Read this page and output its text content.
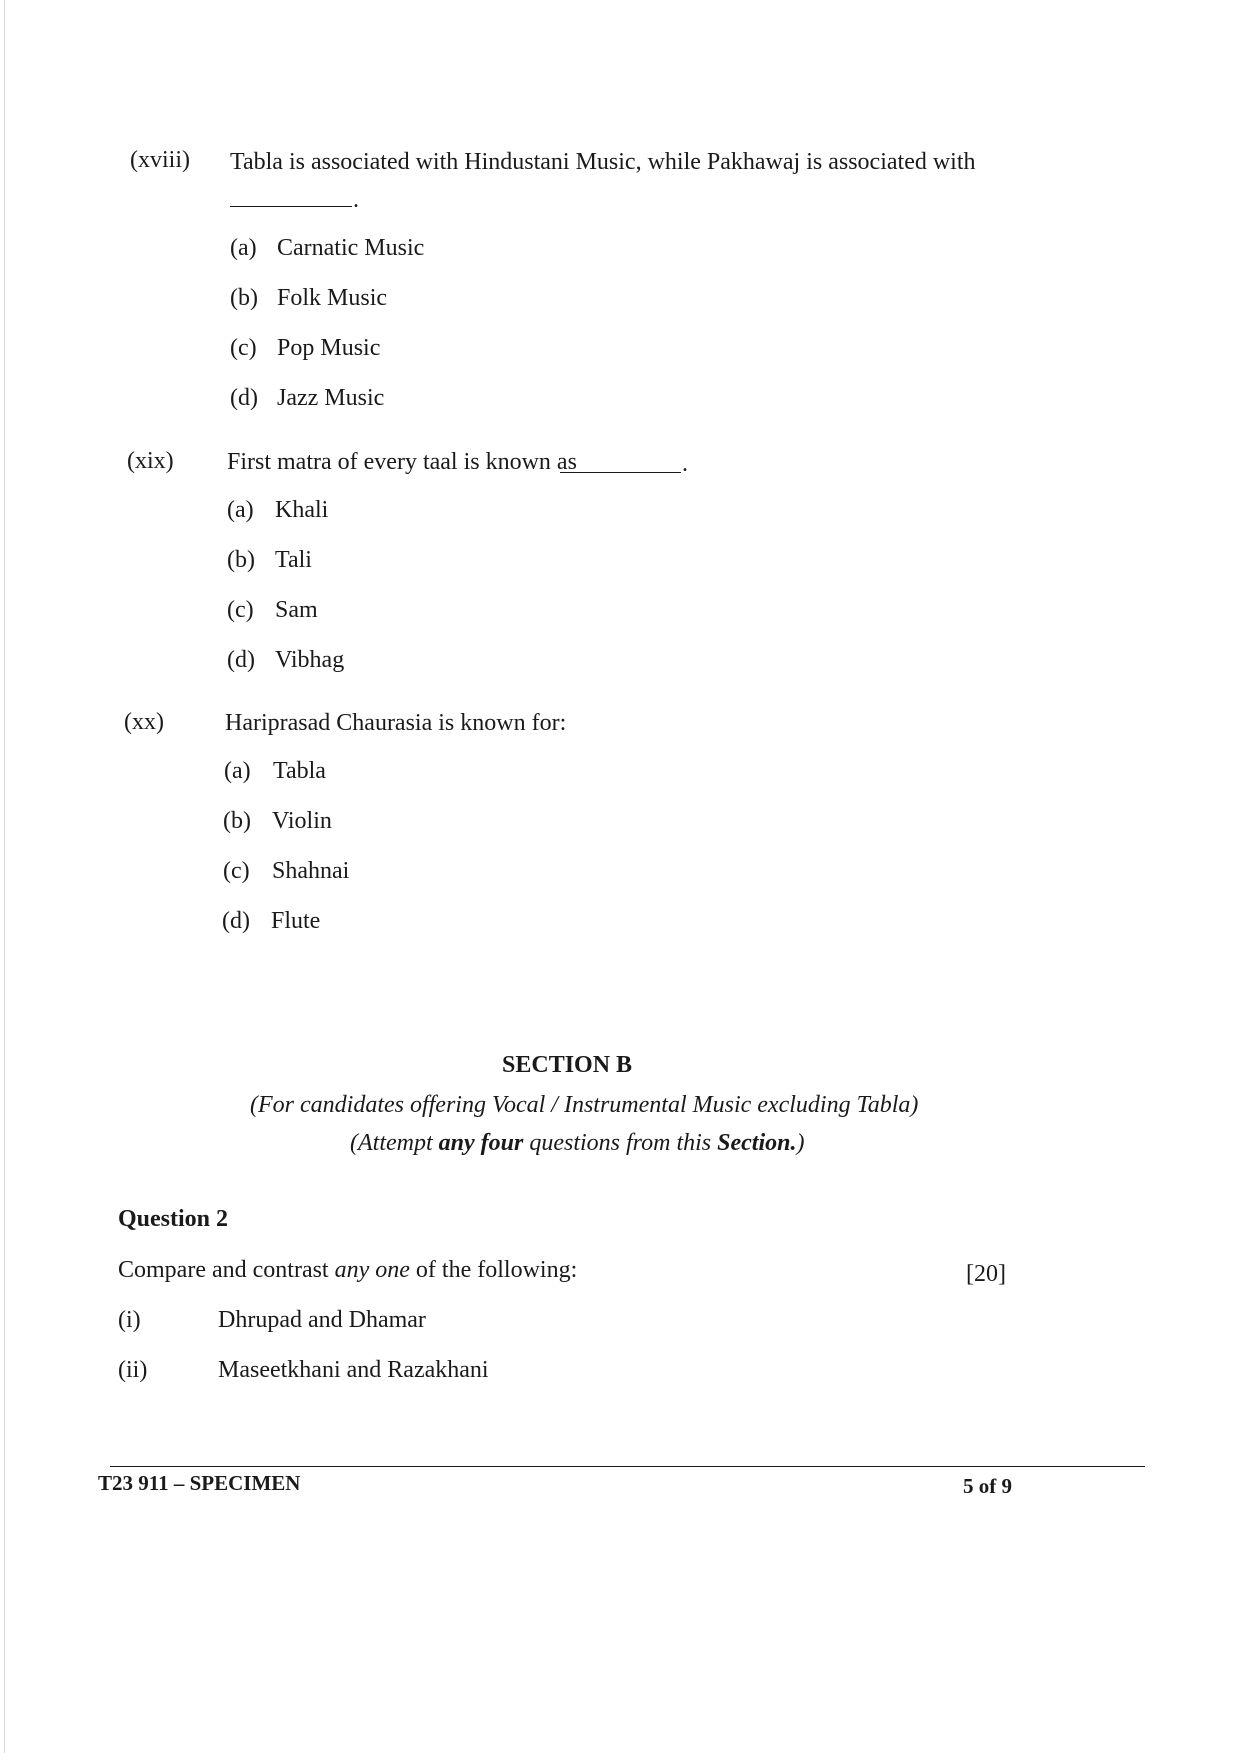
(xviii) Tabla is associated with Hindustani Music, while Pakhawaj is associated with
.
(a) Carnatic Music
(b) Folk Music
(c) Pop Music
(d) Jazz Music
(xix) First matra of every taal is known as	.
(a) Khali
(b) Tali
(c) Sam
(d) Vibhag
(xx)	Hariprasad Chaurasia is known for:
(a) Tabla
(b) Violin
(c) Shahnai
(d) Flute
SECTION B
(For candidates offering Vocal / Instrumental Music excluding Tabla)
(Attempt any four questions from this Section.)
Question 2
Compare and contrast any one of the following:	[20]
(i)	Dhrupad and Dhamar
(ii)	Maseetkhani and Razakhani
T23 911 – SPECIMEN	5 of 9
